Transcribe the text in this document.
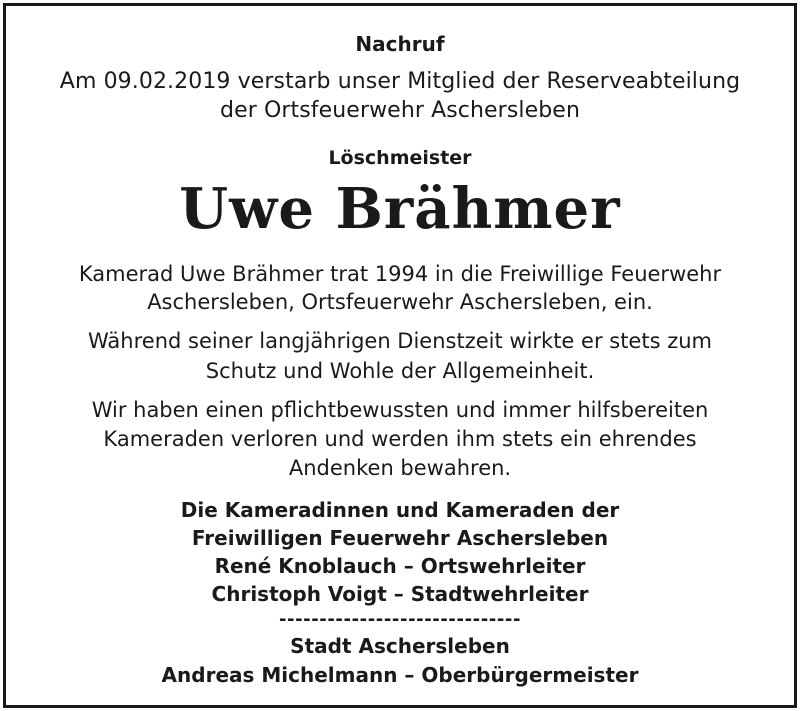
Nachruf
Am 09.02.2019 verstarb unser Mitglied der Reserveabteilung
der Ortsfeuerwehr Aschersleben
Löschmeister
Uwe Brähmer
Kamerad Uwe Brähmer trat 1994 in die Freiwillige Feuerwehr
Aschersleben, Ortsfeuerwehr Aschersleben, ein.
Während seiner langjährigen Dienstzeit wirkte er stets zum
Schutz und Wohle der Allgemeinheit.
Wir haben einen pflichtbewussten und immer hilfsbereiten
Kameraden verloren und werden ihm stets ein ehrendes
Andenken bewahren.
Die Kameradinnen und Kameraden der
Freiwilligen Feuerwehr Aschersleben
René Knoblauch – Ortswehrleiter
Christoph Voigt – Stadtwehrleiter
------------------------------
Stadt Aschersleben
Andreas Michelmann – Oberbürgermeister
